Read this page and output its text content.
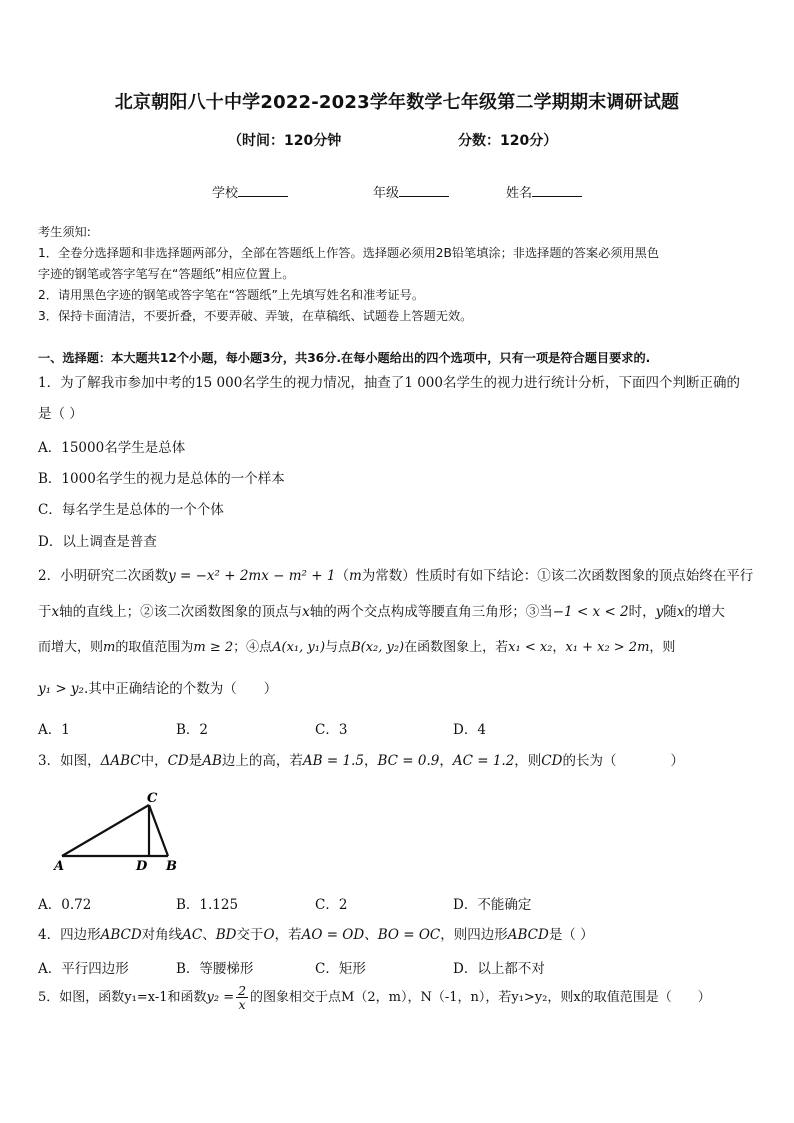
北京朝阳八十中学2022-2023学年数学七年级第二学期期末调研试题
（时间：120分钟	分数：120分）
学校	年级	姓名
考生须知:
1．全卷分选择题和非选择题两部分，全部在答题纸上作答。选择题必须用2B铅笔填涂；非选择题的答案必须用黑色
字迹的钢笔或答字笔写在“答题纸”相应位置上。
2．请用黑色字迹的钢笔或答字笔在“答题纸”上先填写姓名和准考证号。
3．保持卡面清洁，不要折叠，不要弄破、弄皱，在草稿纸、试题卷上答题无效。
一、选择题：本大题共12个小题，每小题3分，共36分.在每小题给出的四个选项中，只有一项是符合题目要求的.
1．为了解我市参加中考的15 000名学生的视力情况，抽查了1 000名学生的视力进行统计分析，下面四个判断正确的
是（ ）
A．15000名学生是总体
B．1000名学生的视力是总体的一个样本
C．每名学生是总体的一个个体
D．以上调查是普查
2．小明研究二次函数y = −x² + 2mx − m² + 1（m为常数）性质时有如下结论：①该二次函数图象的顶点始终在平行
于x轴的直线上；②该二次函数图象的顶点与x轴的两个交点构成等腰直角三角形；③当−1 < x < 2时，y随x的增大
而增大，则m的取值范围为m ≥ 2；④点A(x₁, y₁)与点B(x₂, y₂)在函数图象上，若x₁ < x₂，x₁ + x₂ > 2m，则
y₁ > y₂.其中正确结论的个数为（　　）
A．1	B．2	C．3	D．4
3．如图，ΔABC中，CD是AB边上的高，若AB = 1.5，BC = 0.9，AC = 1.2，则CD的长为（　　　　）
A
C
D B
A．0.72	B．1.125	C．2	D．不能确定
4．四边形ABCD对角线AC、BD交于O，若AO = OD、BO = OC，则四边形ABCD是（ ）
A．平行四边形	B．等腰梯形	C．矩形	D．以上都不对
5．如图，函数y₁=x-1和函数$y_2 = \frac{2}{x}$ 的图象相交于点M（2，m），N（-1，n），若y₁>y₂，则x的取值范围是（　　）
